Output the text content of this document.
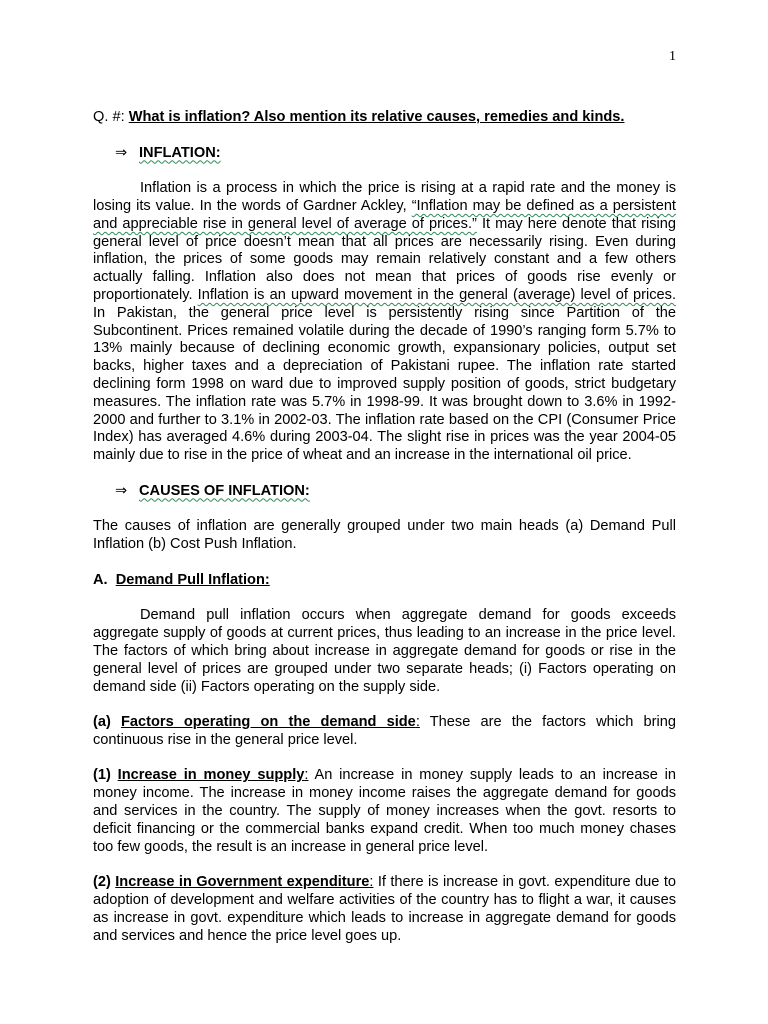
1

Q. #: What is inflation? Also mention its relative causes, remedies and kinds.

⇒ INFLATION:

Inflation is a process in which the price is rising at a rapid rate and the money is losing its value. In the words of Gardner Ackley, “Inflation may be defined as a persistent and appreciable rise in general level of average of prices.” It may here denote that rising general level of price doesn’t mean that all prices are necessarily rising. Even during inflation, the prices of some goods may remain relatively constant and a few others actually falling. Inflation also does not mean that prices of goods rise evenly or proportionately. Inflation is an upward movement in the general (average) level of prices. In Pakistan, the general price level is persistently rising since Partition of the Subcontinent. Prices remained volatile during the decade of 1990’s ranging form 5.7% to 13% mainly because of declining economic growth, expansionary policies, output set backs, higher taxes and a depreciation of Pakistani rupee. The inflation rate started declining form 1998 on ward due to improved supply position of goods, strict budgetary measures. The inflation rate was 5.7% in 1998-99. It was brought down to 3.6% in 1992-2000 and further to 3.1% in 2002-03. The inflation rate based on the CPI (Consumer Price Index) has averaged 4.6% during 2003-04. The slight rise in prices was the year 2004-05 mainly due to rise in the price of wheat and an increase in the international oil price.

⇒ CAUSES OF INFLATION:

The causes of inflation are generally grouped under two main heads (a) Demand Pull Inflation (b) Cost Push Inflation.

A. Demand Pull Inflation:

Demand pull inflation occurs when aggregate demand for goods exceeds aggregate supply of goods at current prices, thus leading to an increase in the price level. The factors of which bring about increase in aggregate demand for goods or rise in the general level of prices are grouped under two separate heads; (i) Factors operating on demand side (ii) Factors operating on the supply side.

(a) Factors operating on the demand side: These are the factors which bring continuous rise in the general price level.

(1) Increase in money supply: An increase in money supply leads to an increase in money income. The increase in money income raises the aggregate demand for goods and services in the country. The supply of money increases when the govt. resorts to deficit financing or the commercial banks expand credit. When too much money chases too few goods, the result is an increase in general price level.

(2) Increase in Government expenditure: If there is increase in govt. expenditure due to adoption of development and welfare activities of the country has to flight a war, it causes as increase in govt. expenditure which leads to increase in aggregate demand for goods and services and hence the price level goes up.
